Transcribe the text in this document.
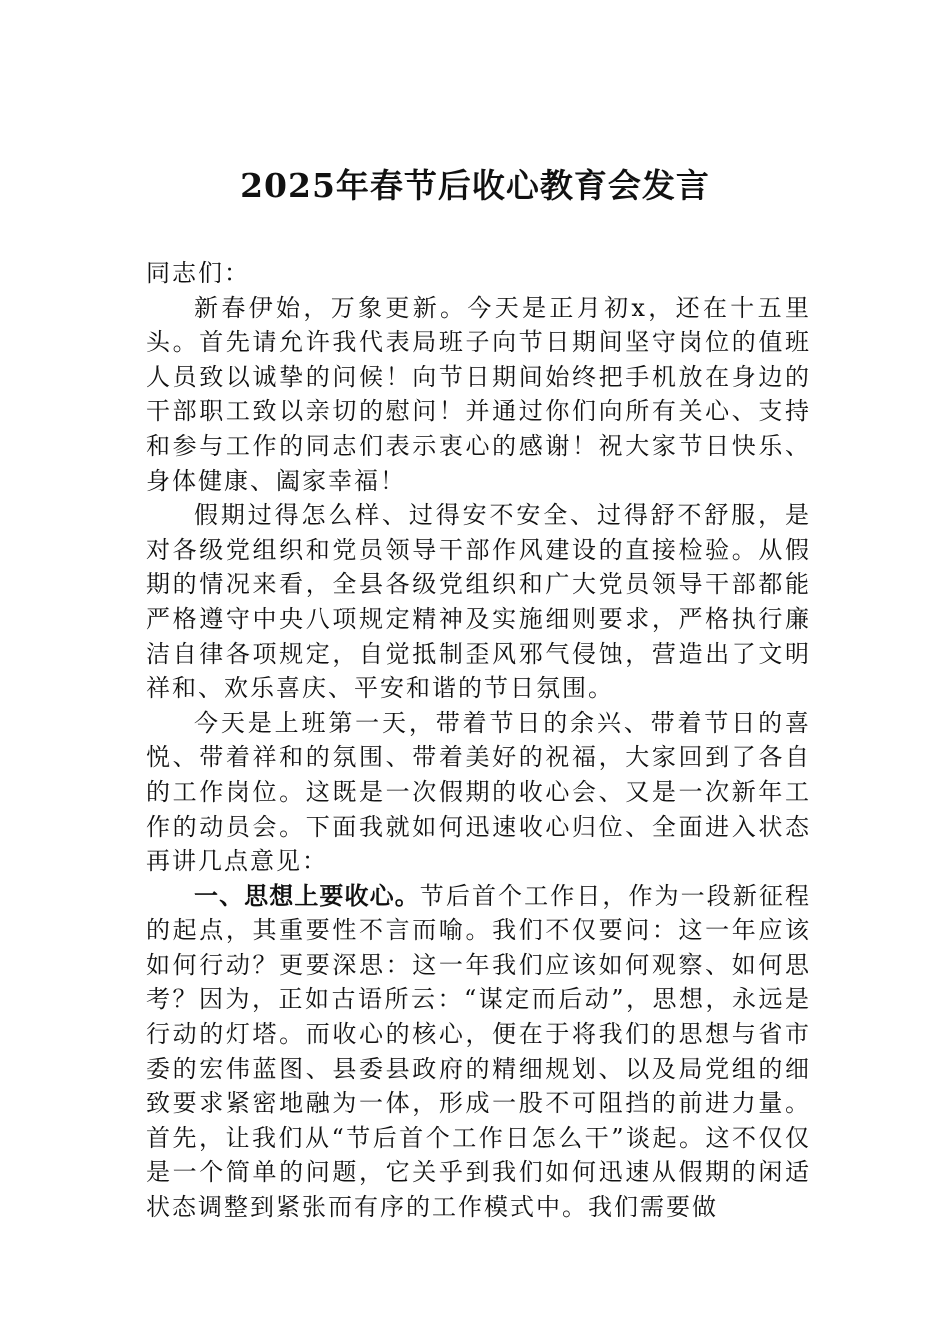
2025年春节后收心教育会发言

同志们：

新春伊始，万象更新。今天是正月初x，还在十五里头。首先请允许我代表局班子向节日期间坚守岗位的值班人员致以诚挚的问候！向节日期间始终把手机放在身边的干部职工致以亲切的慰问！并通过你们向所有关心、支持和参与工作的同志们表示衷心的感谢！祝大家节日快乐、身体健康、阖家幸福！

假期过得怎么样、过得安不安全、过得舒不舒服，是对各级党组织和党员领导干部作风建设的直接检验。从假期的情况来看，全县各级党组织和广大党员领导干部都能严格遵守中央八项规定精神及实施细则要求，严格执行廉洁自律各项规定，自觉抵制歪风邪气侵蚀，营造出了文明祥和、欢乐喜庆、平安和谐的节日氛围。

今天是上班第一天，带着节日的余兴、带着节日的喜悦、带着祥和的氛围、带着美好的祝福，大家回到了各自的工作岗位。这既是一次假期的收心会、又是一次新年工作的动员会。下面我就如何迅速收心归位、全面进入状态再讲几点意见：

一、思想上要收心。节后首个工作日，作为一段新征程的起点，其重要性不言而喻。我们不仅要问：这一年应该如何行动？更要深思：这一年我们应该如何观察、如何思考？因为，正如古语所云：“谋定而后动”，思想，永远是行动的灯塔。而收心的核心，便在于将我们的思想与省市委的宏伟蓝图、县委县政府的精细规划、以及局党组的细致要求紧密地融为一体，形成一股不可阻挡的前进力量。首先，让我们从“节后首个工作日怎么干”谈起。这不仅仅是一个简单的问题，它关乎到我们如何迅速从假期的闲适状态调整到紧张而有序的工作模式中。我们需要做
